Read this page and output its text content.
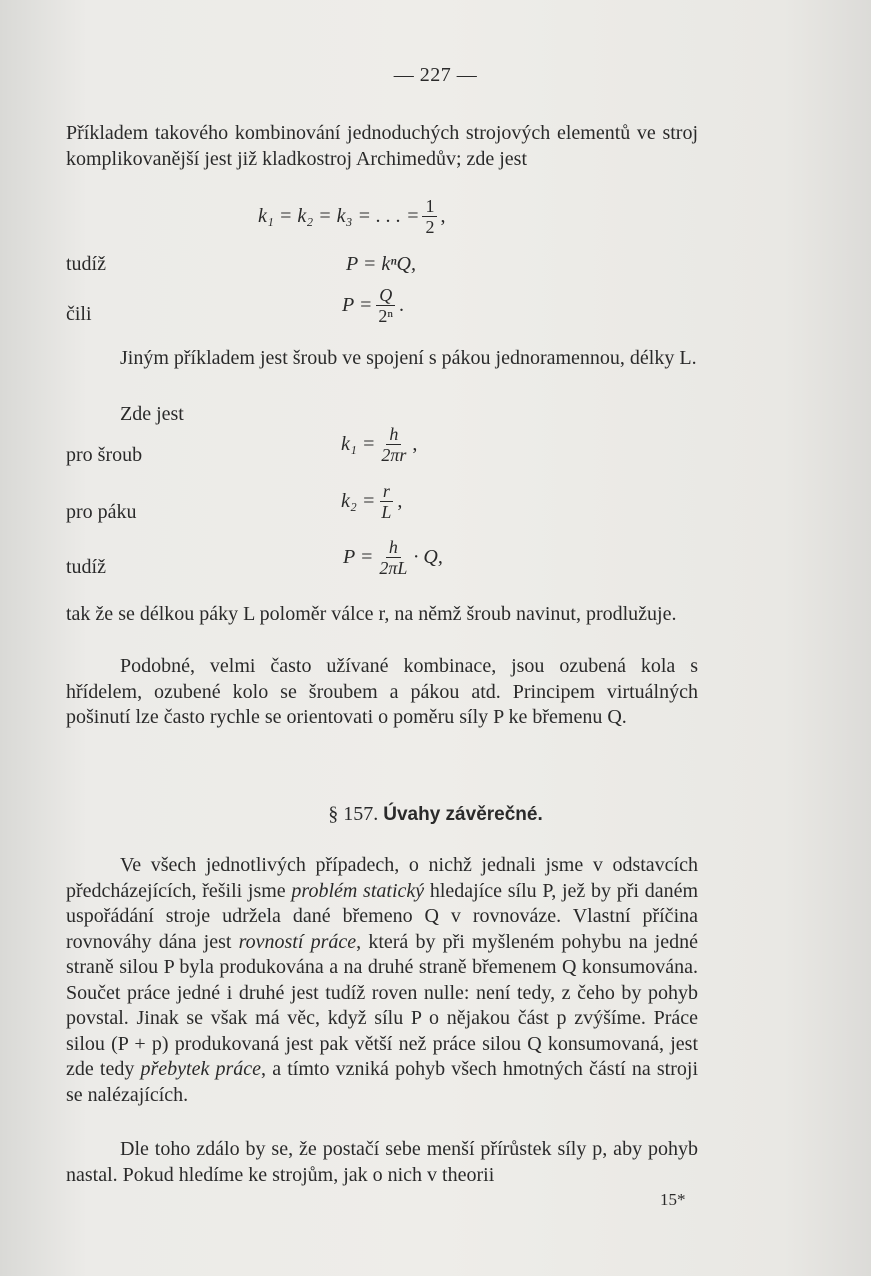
— 227 —
Příkladem takového kombinování jednoduchých strojových elementů ve stroj komplikovanější jest již kladkostroj Archimedův; zde jest
k₁ = k₂ = k₃ = . . . = $\frac{1}{2}$ ,
tudíž	P = kⁿQ,
čili	$P = \frac{Q}{\text{2ⁿ}}$ .
Jiným příkladem jest šroub ve spojení s pákou jednoramennou, délky L.
Zde jest
pro šroub	$k_1 = \frac{h}{2\pi r}$ ,
pro páku	$k_2 = \frac{r}{L}$ ,
tudíž	$P = \frac{h}{2\pi L} \cdot Q$,
tak že se délkou páky L poloměr válce r, na němž šroub navinut, prodlužuje.
Podobné, velmi často užívané kombinace, jsou ozubená kola s hřídelem, ozubené kolo se šroubem a pákou atd. Principem virtuálných pošinutí lze často rychle se orientovati o poměru síly P ke břemenu Q.
§ 157. Úvahy závěrečné.
Ve všech jednotlivých případech, o nichž jednali jsme v odstavcích předcházejících, řešili jsme problém statický hledajíce sílu P, jež by při daném uspořádání stroje udržela dané břemeno Q v rovnováze. Vlastní příčina rovnováhy dána jest rovností práce, která by při myšleném pohybu na jedné straně silou P byla produkována a na druhé straně břemenem Q konsumována. Součet práce jedné i druhé jest tudíž roven nulle: není tedy, z čeho by pohyb povstal. Jinak se však má věc, když sílu P o nějakou část p zvýšíme. Práce silou (P + p) produkovaná jest pak větší než práce silou Q konsumovaná, jest zde tedy přebytek práce, a tímto vzniká pohyb všech hmotných částí na stroji se nalézajících.
Dle toho zdálo by se, že postačí sebe menší přírůstek síly p, aby pohyb nastal. Pokud hledíme ke strojům, jak o nich v theorii
15*
